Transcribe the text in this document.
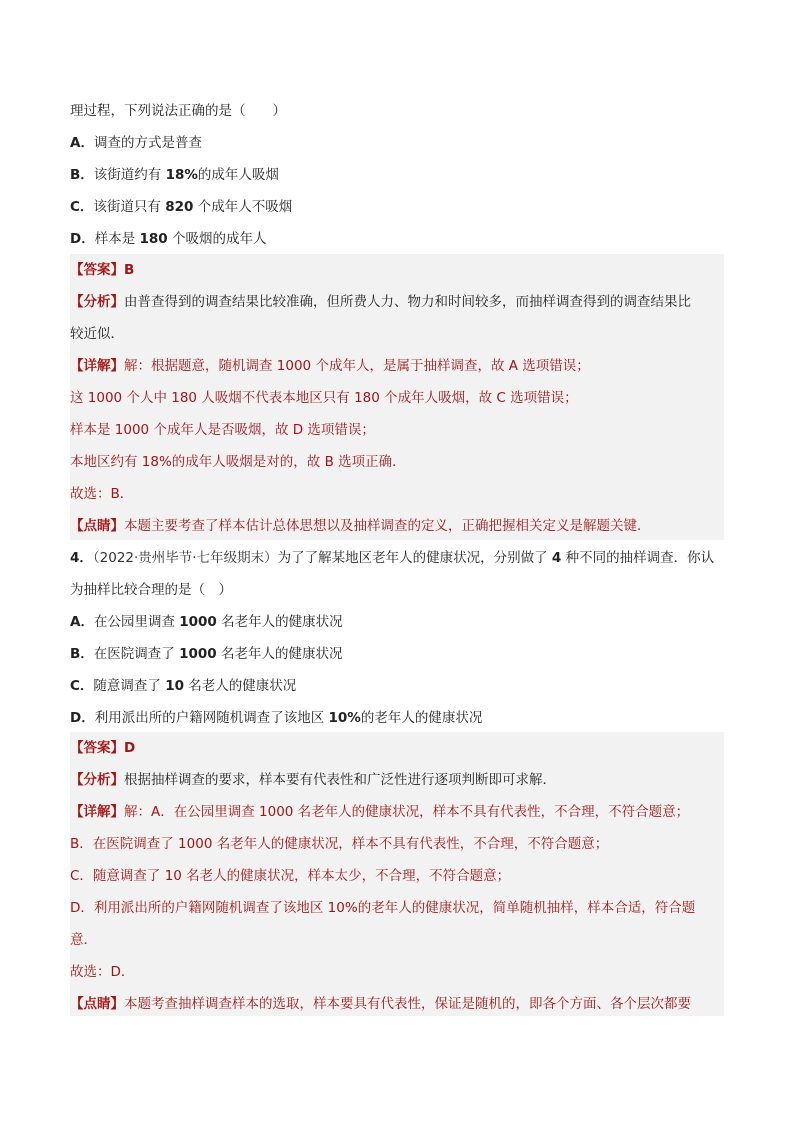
理过程，下列说法正确的是（　　）
A．调查的方式是普查
B．该街道约有 18%的成年人吸烟
C．该街道只有 820 个成年人不吸烟
D．样本是 180 个吸烟的成年人
【答案】B
【分析】由普查得到的调查结果比较准确，但所费人力、物力和时间较多，而抽样调查得到的调查结果比
较近似．
【详解】解：根据题意，随机调查 1000 个成年人，是属于抽样调查，故 A 选项错误；
这 1000 个人中 180 人吸烟不代表本地区只有 180 个成年人吸烟，故 C 选项错误；
样本是 1000 个成年人是否吸烟，故 D 选项错误；
本地区约有 18%的成年人吸烟是对的，故 B 选项正确．
故选：B．
【点睛】本题主要考查了样本估计总体思想以及抽样调查的定义，正确把握相关定义是解题关键．
4．（2022·贵州毕节·七年级期末）为了了解某地区老年人的健康状况，分别做了 4 种不同的抽样调查．你认
为抽样比较合理的是（　）
A．在公园里调查 1000 名老年人的健康状况
B．在医院调查了 1000 名老年人的健康状况
C．随意调查了 10 名老人的健康状况
D．利用派出所的户籍网随机调查了该地区 10%的老年人的健康状况
【答案】D
【分析】根据抽样调查的要求，样本要有代表性和广泛性进行逐项判断即可求解．
【详解】解：A．在公园里调查 1000 名老年人的健康状况，样本不具有代表性，不合理，不符合题意；
B．在医院调查了 1000 名老年人的健康状况，样本不具有代表性，不合理，不符合题意；
C．随意调查了 10 名老人的健康状况，样本太少，不合理，不符合题意；
D．利用派出所的户籍网随机调查了该地区 10%的老年人的健康状况，简单随机抽样，样本合适，符合题
意．
故选：D．
【点睛】本题考查抽样调查样本的选取，样本要具有代表性，保证是随机的，即各个方面、各个层次都要
